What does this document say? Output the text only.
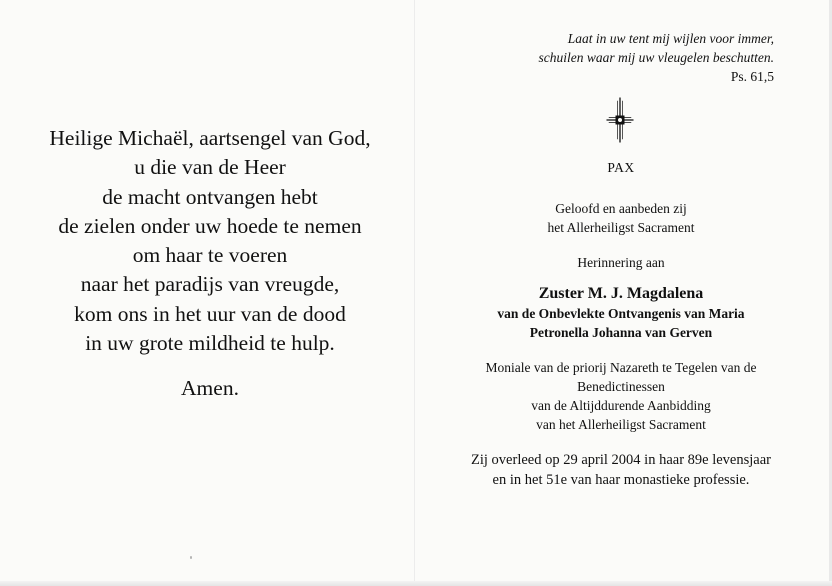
Heilige Michaël, aartsengel van God,
u die van de Heer
de macht ontvangen hebt
de zielen onder uw hoede te nemen
om haar te voeren
naar het paradijs van vreugde,
kom ons in het uur van de dood
in uw grote mildheid te hulp.
Amen.
Laat in uw tent mij wijlen voor immer,
schuilen waar mij uw vleugelen beschutten.
Ps. 61,5
PAX
Geloofd en aanbeden zij
het Allerheiligst Sacrament
Herinnering aan
Zuster M. J. Magdalena
van de Onbevlekte Ontvangenis van Maria
Petronella Johanna van Gerven
Moniale van de priorij Nazareth te Tegelen van de
Benedictinessen
van de Altijddurende Aanbidding
van het Allerheiligst Sacrament
Zij overleed op 29 april 2004 in haar 89e levensjaar
en in het 51e van haar monastieke professie.
